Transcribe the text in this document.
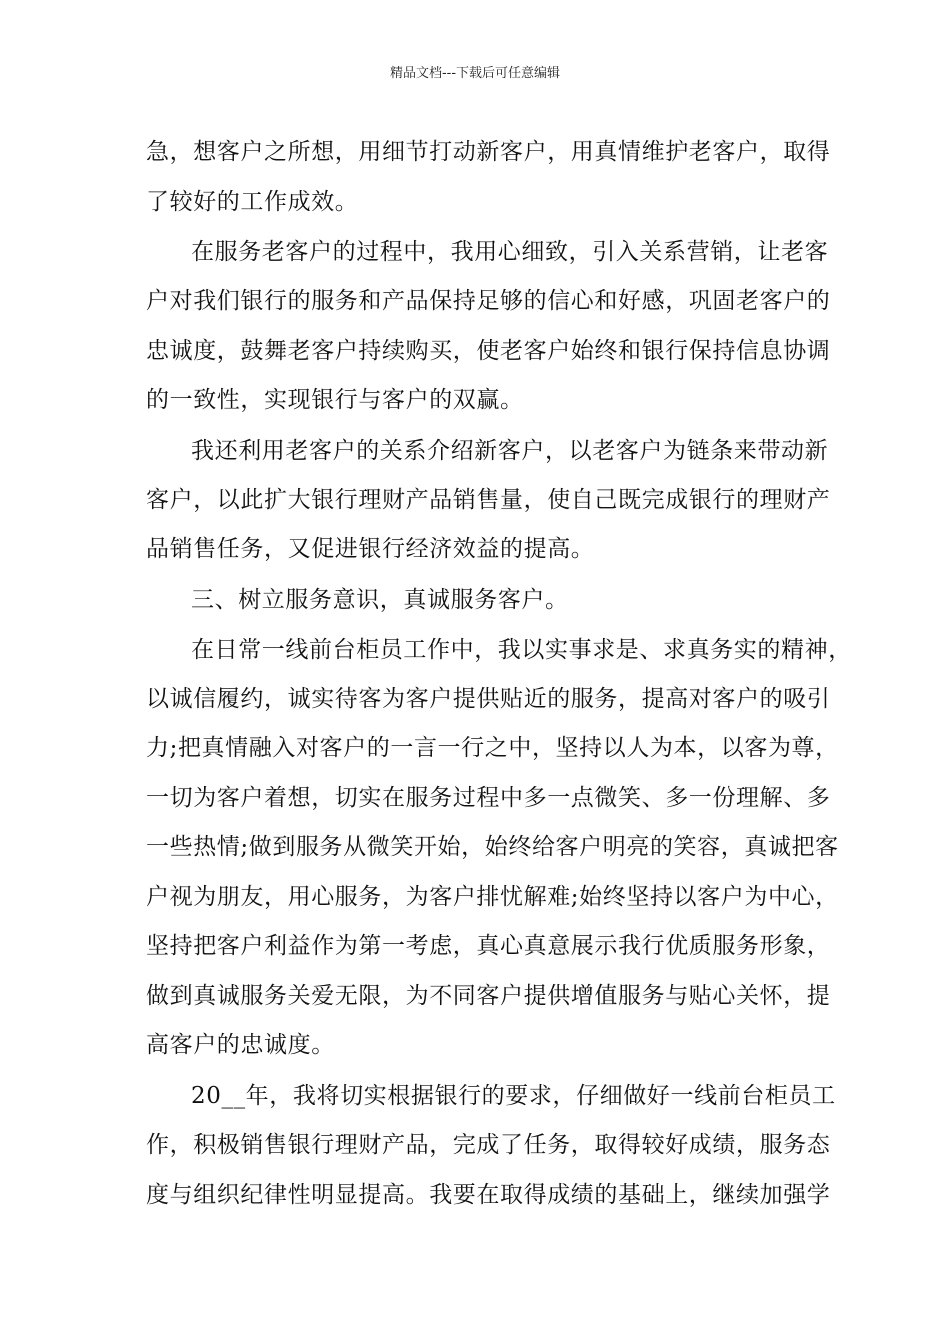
精品文档---下载后可任意编辑
急，想客户之所想，用细节打动新客户，用真情维护老客户，取得
了较好的工作成效。
在服务老客户的过程中，我用心细致，引入关系营销，让老客
户对我们银行的服务和产品保持足够的信心和好感，巩固老客户的
忠诚度，鼓舞老客户持续购买，使老客户始终和银行保持信息协调
的一致性，实现银行与客户的双赢。
我还利用老客户的关系介绍新客户，以老客户为链条来带动新
客户，以此扩大银行理财产品销售量，使自己既完成银行的理财产
品销售任务，又促进银行经济效益的提高。
三、树立服务意识，真诚服务客户。
在日常一线前台柜员工作中，我以实事求是、求真务实的精神，
以诚信履约，诚实待客为客户提供贴近的服务，提高对客户的吸引
力;把真情融入对客户的一言一行之中，坚持以人为本，以客为尊，
一切为客户着想，切实在服务过程中多一点微笑、多一份理解、多
一些热情;做到服务从微笑开始，始终给客户明亮的笑容，真诚把客
户视为朋友，用心服务，为客户排忧解难;始终坚持以客户为中心，
坚持把客户利益作为第一考虑，真心真意展示我行优质服务形象，
做到真诚服务关爱无限，为不同客户提供增值服务与贴心关怀，提
高客户的忠诚度。
20__年，我将切实根据银行的要求，仔细做好一线前台柜员工
作，积极销售银行理财产品，完成了任务，取得较好成绩，服务态
度与组织纪律性明显提高。我要在取得成绩的基础上，继续加强学
